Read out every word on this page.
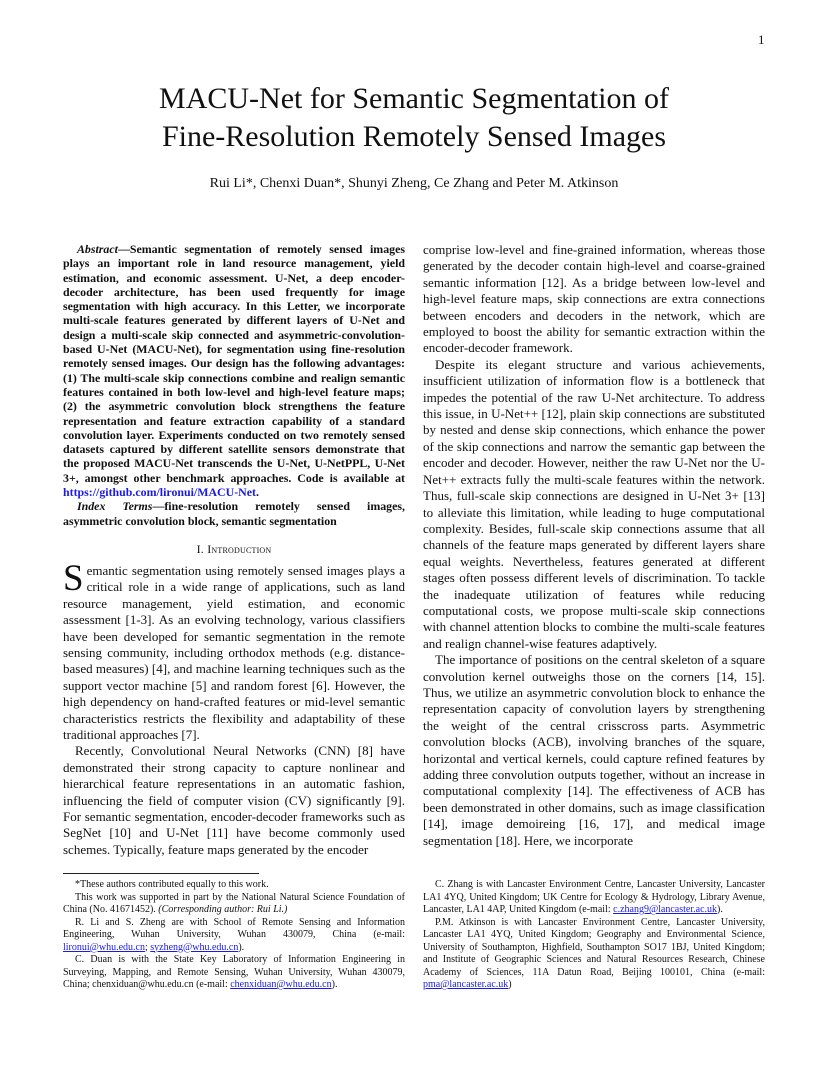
1
MACU-Net for Semantic Segmentation of
Fine-Resolution Remotely Sensed Images
Rui Li*, Chenxi Duan*, Shunyi Zheng, Ce Zhang and Peter M. Atkinson

Abstract—Semantic segmentation of remotely sensed images plays an important role in land resource management, yield estimation, and economic assessment. U-Net, a deep encoder-decoder architecture, has been used frequently for image segmentation with high accuracy. In this Letter, we incorporate multi-scale features generated by different layers of U-Net and design a multi-scale skip connected and asymmetric-convolution-based U-Net (MACU-Net), for segmentation using fine-resolution remotely sensed images. Our design has the following advantages: (1) The multi-scale skip connections combine and realign semantic features contained in both low-level and high-level feature maps; (2) the asymmetric convolution block strengthens the feature representation and feature extraction capability of a standard convolution layer. Experiments conducted on two remotely sensed datasets captured by different satellite sensors demonstrate that the proposed MACU-Net transcends the U-Net, U-NetPPL, U-Net 3+, amongst other benchmark approaches. Code is available at https://github.com/lironui/MACU-Net.

Index Terms—fine-resolution remotely sensed images, asymmetric convolution block, semantic segmentation

I. Introduction

Semantic segmentation using remotely sensed images plays a critical role in a wide range of applications, such as land resource management, yield estimation, and economic assessment [1-3]. As an evolving technology, various classifiers have been developed for semantic segmentation in the remote sensing community, including orthodox methods (e.g. distance-based measures) [4], and machine learning techniques such as the support vector machine [5] and random forest [6]. However, the high dependency on hand-crafted features or mid-level semantic characteristics restricts the flexibility and adaptability of these traditional approaches [7].

Recently, Convolutional Neural Networks (CNN) [8] have demonstrated their strong capacity to capture nonlinear and hierarchical feature representations in an automatic fashion, influencing the field of computer vision (CV) significantly [9]. For semantic segmentation, encoder-decoder frameworks such as SegNet [10] and U-Net [11] have become commonly used schemes. Typically, feature maps generated by the encoder

comprise low-level and fine-grained information, whereas those generated by the decoder contain high-level and coarse-grained semantic information [12]. As a bridge between low-level and high-level feature maps, skip connections are extra connections between encoders and decoders in the network, which are employed to boost the ability for semantic extraction within the encoder-decoder framework.

Despite its elegant structure and various achievements, insufficient utilization of information flow is a bottleneck that impedes the potential of the raw U-Net architecture. To address this issue, in U-Net++ [12], plain skip connections are substituted by nested and dense skip connections, which enhance the power of the skip connections and narrow the semantic gap between the encoder and decoder. However, neither the raw U-Net nor the U-Net++ extracts fully the multi-scale features within the network. Thus, full-scale skip connections are designed in U-Net 3+ [13] to alleviate this limitation, while leading to huge computational complexity. Besides, full-scale skip connections assume that all channels of the feature maps generated by different layers share equal weights. Nevertheless, features generated at different stages often possess different levels of discrimination. To tackle the inadequate utilization of features while reducing computational costs, we propose multi-scale skip connections with channel attention blocks to combine the multi-scale features and realign channel-wise features adaptively.

The importance of positions on the central skeleton of a square convolution kernel outweighs those on the corners [14, 15]. Thus, we utilize an asymmetric convolution block to enhance the representation capacity of convolution layers by strengthening the weight of the central crisscross parts. Asymmetric convolution blocks (ACB), involving branches of the square, horizontal and vertical kernels, could capture refined features by adding three convolution outputs together, without an increase in computational complexity [14]. The effectiveness of ACB has been demonstrated in other domains, such as image classification [14], image demoireing [16, 17], and medical image segmentation [18]. Here, we incorporate

*These authors contributed equally to this work.

This work was supported in part by the National Natural Science Foundation of China (No. 41671452). (Corresponding author: Rui Li.)

R. Li and S. Zheng are with School of Remote Sensing and Information Engineering, Wuhan University, Wuhan 430079, China (e-mail: lironui@whu.edu.cn; syzheng@whu.edu.cn).

C. Duan is with the State Key Laboratory of Information Engineering in Surveying, Mapping, and Remote Sensing, Wuhan University, Wuhan 430079, China; chenxiduan@whu.edu.cn (e-mail: chenxiduan@whu.edu.cn).

C. Zhang is with Lancaster Environment Centre, Lancaster University, Lancaster LA1 4YQ, United Kingdom; UK Centre for Ecology & Hydrology, Library Avenue, Lancaster, LA1 4AP, United Kingdom (e-mail: c.zhang9@lancaster.ac.uk).

P.M. Atkinson is with Lancaster Environment Centre, Lancaster University, Lancaster LA1 4YQ, United Kingdom; Geography and Environmental Science, University of Southampton, Highfield, Southampton SO17 1BJ, United Kingdom; and Institute of Geographic Sciences and Natural Resources Research, Chinese Academy of Sciences, 11A Datun Road, Beijing 100101, China (e-mail: pma@lancaster.ac.uk)
